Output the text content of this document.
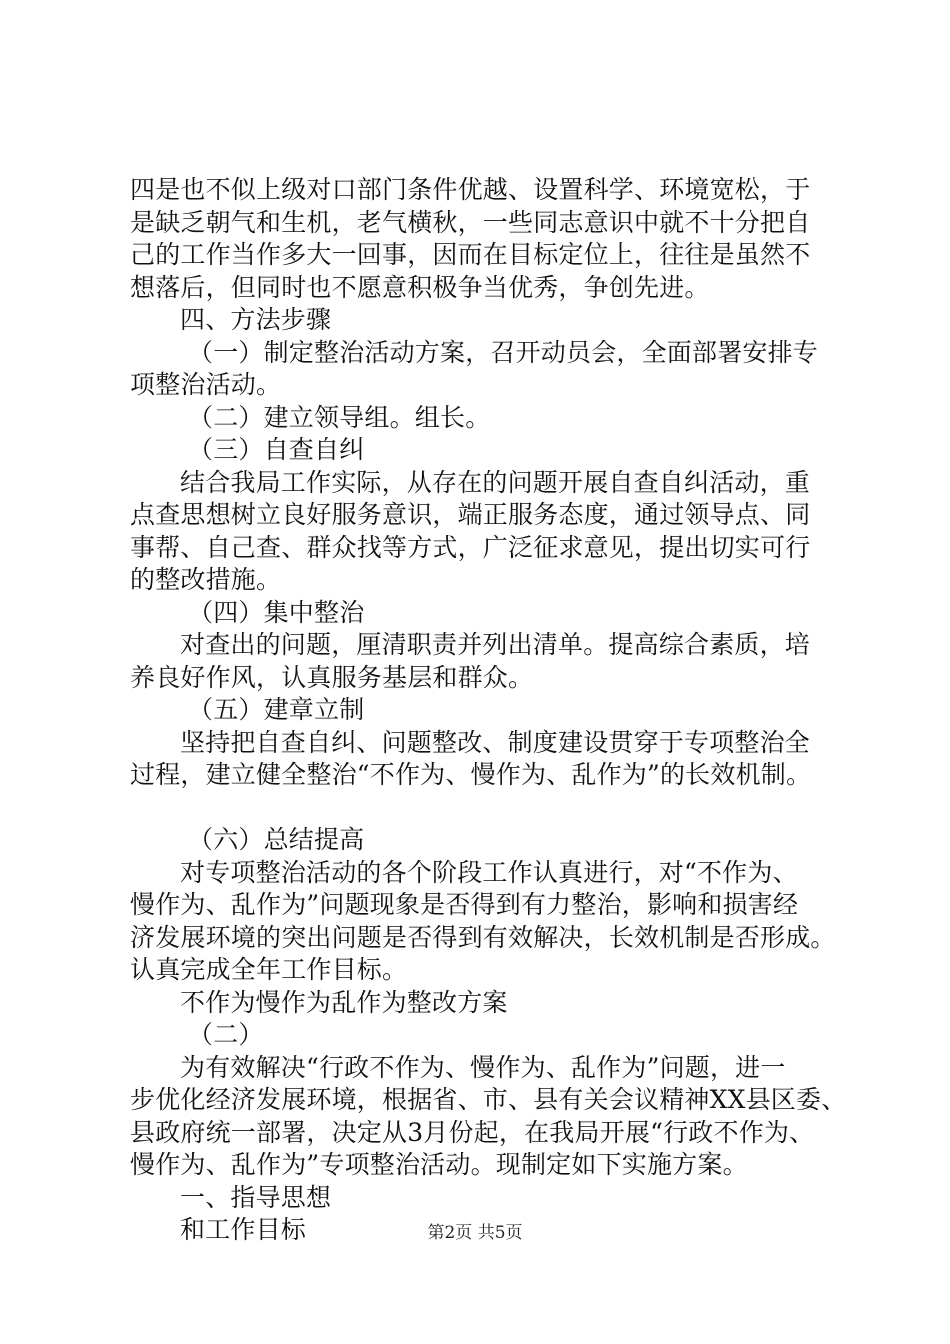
四是也不似上级对口部门条件优越、设置科学、环境宽松，于
是缺乏朝气和生机，老气横秋，一些同志意识中就不十分把自
己的工作当作多大一回事，因而在目标定位上，往往是虽然不
想落后，但同时也不愿意积极争当优秀，争创先进。
四、方法步骤
（一）制定整治活动方案，召开动员会，全面部署安排专
项整治活动。
（二）建立领导组。组长。
（三）自查自纠
结合我局工作实际，从存在的问题开展自查自纠活动，重
点查思想树立良好服务意识，端正服务态度，通过领导点、同
事帮、自己查、群众找等方式，广泛征求意见，提出切实可行
的整改措施。
（四）集中整治
对查出的问题，厘清职责并列出清单。提高综合素质，培
养良好作风，认真服务基层和群众。
（五）建章立制
坚持把自查自纠、问题整改、制度建设贯穿于专项整治全
过程，建立健全整治“不作为、慢作为、乱作为”的长效机制。
（六）总结提高
对专项整治活动的各个阶段工作认真进行，对“不作为、
慢作为、乱作为”问题现象是否得到有力整治，影响和损害经
济发展环境的突出问题是否得到有效解决，长效机制是否形成。
认真完成全年工作目标。
不作为慢作为乱作为整改方案
（二）
为有效解决“行政不作为、慢作为、乱作为”问题，进一
步优化经济发展环境，根据省、市、县有关会议精神XX县区委、
县政府统一部署，决定从3月份起，在我局开展“行政不作为、
慢作为、乱作为”专项整治活动。现制定如下实施方案。
一、指导思想
和工作目标	第2页 共5页
